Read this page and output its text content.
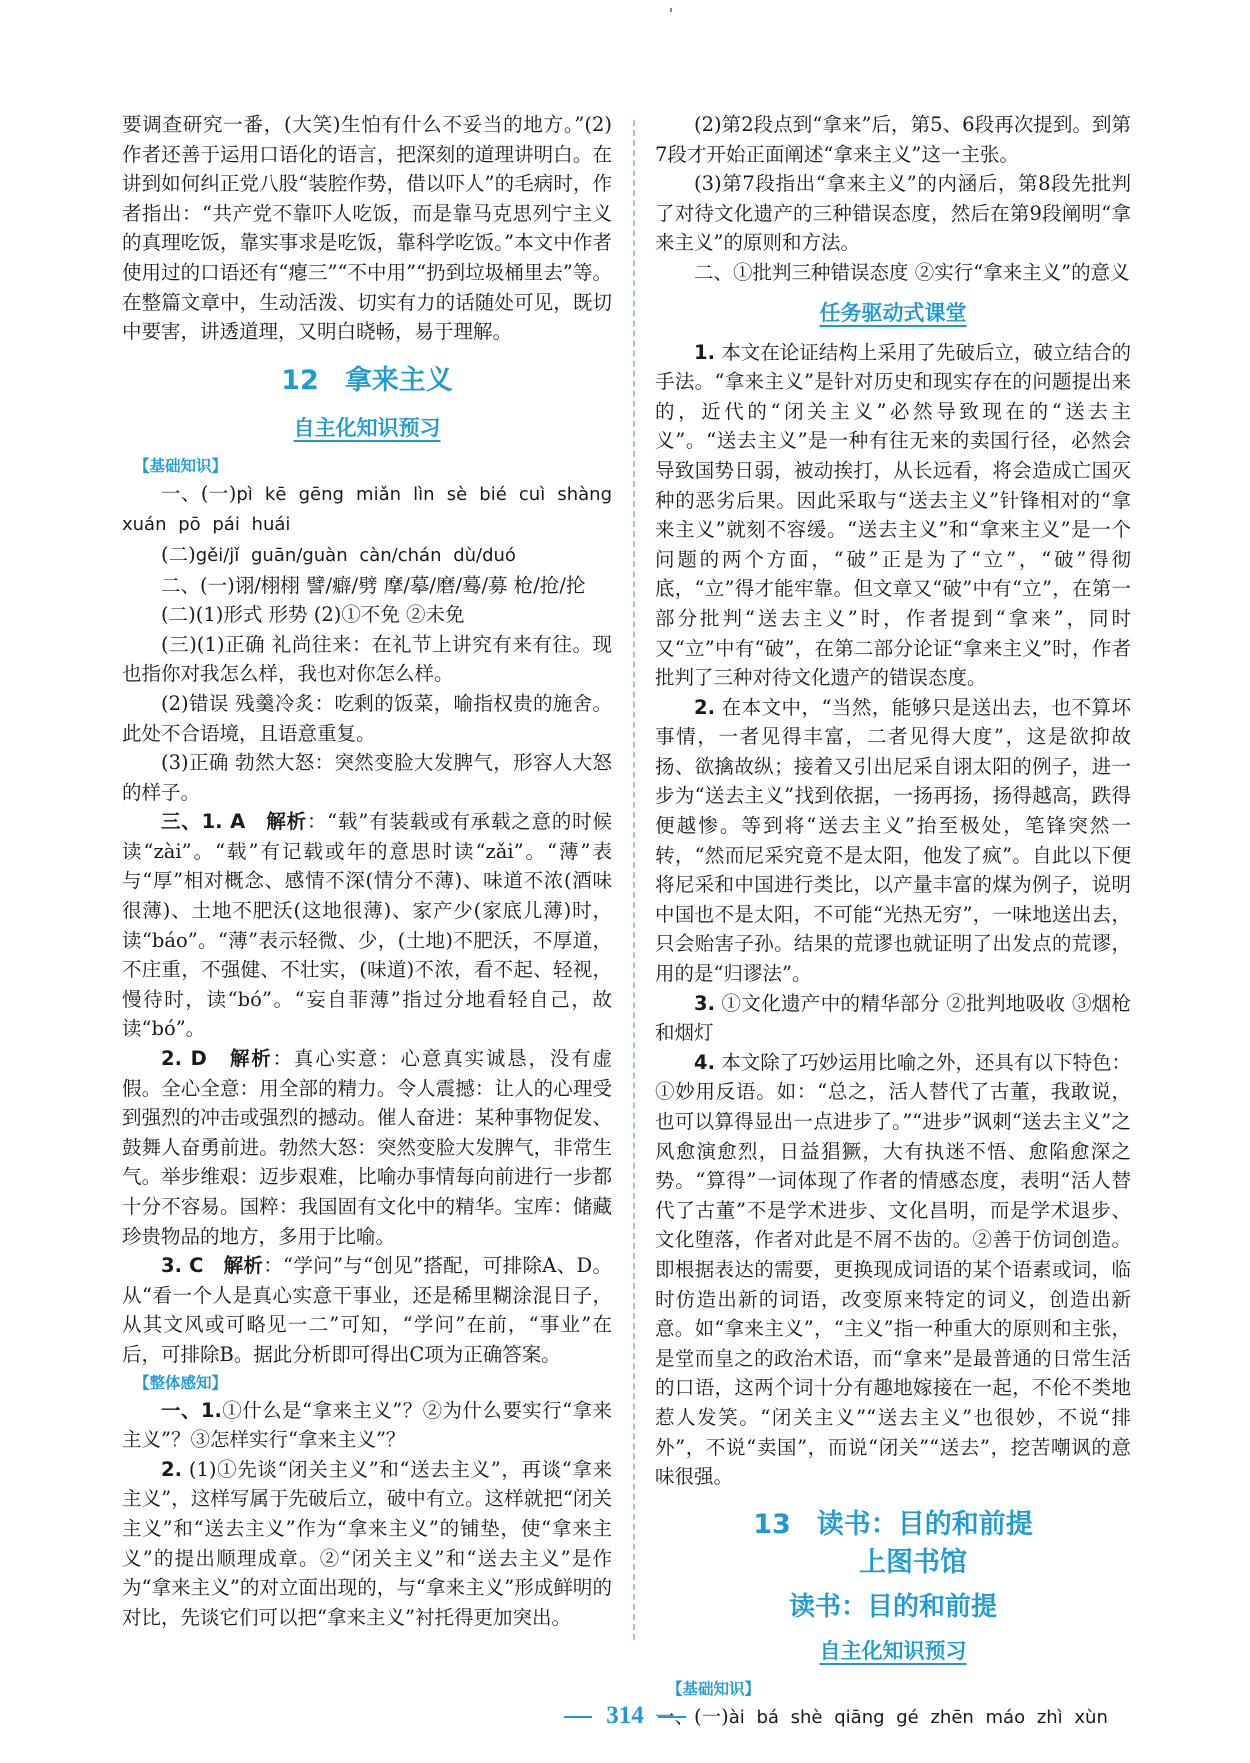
要调查研究一番，(大笑)生怕有什么不妥当的地方。”(2)作者还善于运用口语化的语言，把深刻的道理讲明白。在讲到如何纠正党八股“装腔作势，借以吓人”的毛病时，作者指出：“共产党不靠吓人吃饭，而是靠马克思列宁主义的真理吃饭，靠实事求是吃饭，靠科学吃饭。”本文中作者使用过的口语还有“瘪三”“不中用”“扔到垃圾桶里去”等。在整篇文章中，生动活泼、切实有力的话随处可见，既切中要害，讲透道理，又明白晓畅，易于理解。

12 拿来主义
自主化知识预习
【基础知识】

一、(一)pì kē gēng miǎn lìn sè bié cuì shàng xuán pō pái huái

(二)gěi/jǐ guān/guàn càn/chán dù/duó

二、(一)诩/栩栩 譬/癖/劈 摩/摹/磨/蓦/募 枪/抢/抡

(二)(1)形式 形势 (2)①不免 ②未免

(三)(1)正确 礼尚往来：在礼节上讲究有来有往。现也指你对我怎么样，我也对你怎么样。

(2)错误 残羹冷炙：吃剩的饭菜，喻指权贵的施舍。此处不合语境，且语意重复。

(3)正确 勃然大怒：突然变脸大发脾气，形容人大怒的样子。

三、1. A　 解析：“载”有装载或有承载之意的时候读“zài”。“载”有记载或年的意思时读“zǎi”。“薄”表与“厚”相对概念、感情不深(情分不薄)、味道不浓(酒味很薄)、土地不肥沃(这地很薄)、家产少(家底儿薄)时，读“báo”。“薄”表示轻微、少，(土地)不肥沃，不厚道，不庄重，不强健、不壮实，(味道)不浓，看不起、轻视，慢待时，读“bó”。“妄自菲薄”指过分地看轻自己，故读“bó”。

2. D　 解析：真心实意：心意真实诚恳，没有虚假。全心全意：用全部的精力。令人震撼：让人的心理受到强烈的冲击或强烈的撼动。催人奋进：某种事物促发、鼓舞人奋勇前进。勃然大怒：突然变脸大发脾气，非常生气。举步维艰：迈步艰难，比喻办事情每向前进行一步都十分不容易。国粹：我国固有文化中的精华。宝库：储藏珍贵物品的地方，多用于比喻。

3. C　 解析：“学问”与“创见”搭配，可排除A、D。从“看一个人是真心实意干事业，还是稀里糊涂混日子，从其文风或可略见一二”可知，“学问”在前，“事业”在后，可排除B。据此分析即可得出C项为正确答案。

【整体感知】

一、1.①什么是“拿来主义”？②为什么要实行“拿来主义”？③怎样实行“拿来主义”？

2. (1)①先谈“闭关主义”和“送去主义”，再谈“拿来主义”，这样写属于先破后立，破中有立。这样就把“闭关主义”和“送去主义”作为“拿来主义”的铺垫，使“拿来主义”的提出顺理成章。②“闭关主义”和“送去主义”是作为“拿来主义”的对立面出现的，与“拿来主义”形成鲜明的对比，先谈它们可以把“拿来主义”衬托得更加突出。

(2)第2段点到“拿来”后，第5、6段再次提到。到第7段才开始正面阐述“拿来主义”这一主张。

(3)第7段指出“拿来主义”的内涵后，第8段先批判了对待文化遗产的三种错误态度，然后在第9段阐明“拿来主义”的原则和方法。

二、①批判三种错误态度 ②实行“拿来主义”的意义

任务驱动式课堂

1. 本文在论证结构上采用了先破后立，破立结合的手法。“拿来主义”是针对历史和现实存在的问题提出来的，近代的“闭关主义”必然导致现在的“送去主义”。“送去主义”是一种有往无来的卖国行径，必然会导致国势日弱，被动挨打，从长远看，将会造成亡国灭种的恶劣后果。因此采取与“送去主义”针锋相对的“拿来主义”就刻不容缓。“送去主义”和“拿来主义”是一个问题的两个方面，“破”正是为了“立”，“破”得彻底，“立”得才能牢靠。但文章又“破”中有“立”，在第一部分批判“送去主义”时，作者提到“拿来”，同时又“立”中有“破”，在第二部分论证“拿来主义”时，作者批判了三种对待文化遗产的错误态度。

2. 在本文中，“当然，能够只是送出去，也不算坏事情，一者见得丰富，二者见得大度”，这是欲抑故扬、欲擒故纵；接着又引出尼采自诩太阳的例子，进一步为“送去主义”找到依据，一扬再扬，扬得越高，跌得便越惨。等到将“送去主义”抬至极处，笔锋突然一转，“然而尼采究竟不是太阳，他发了疯”。自此以下便将尼采和中国进行类比，以产量丰富的煤为例子，说明中国也不是太阳，不可能“光热无穷”，一味地送出去，只会贻害子孙。结果的荒谬也就证明了出发点的荒谬，用的是“归谬法”。

3. ①文化遗产中的精华部分 ②批判地吸收 ③烟枪和烟灯

4. 本文除了巧妙运用比喻之外，还具有以下特色：①妙用反语。如：“总之，活人替代了古董，我敢说，也可以算得显出一点进步了。”“进步”讽刺“送去主义”之风愈演愈烈，日益猖獗，大有执迷不悟、愈陷愈深之势。“算得”一词体现了作者的情感态度，表明“活人替代了古董”不是学术进步、文化昌明，而是学术退步、文化堕落，作者对此是不屑不齿的。②善于仿词创造。即根据表达的需要，更换现成词语的某个语素或词，临时仿造出新的词语，改变原来特定的词义，创造出新意。如“拿来主义”，“主义”指一种重大的原则和主张，是堂而皇之的政治术语，而“拿来”是最普通的日常生活的口语，这两个词十分有趣地嫁接在一起，不伦不类地惹人发笑。“闭关主义”“送去主义”也很妙，不说“排外”，不说“卖国”，而说“闭关”“送去”，挖苦嘲讽的意味很强。

13 读书：目的和前提
上图书馆
读书：目的和前提
自主化知识预习
【基础知识】

一、(一)ài bá shè qiāng gé zhēn máo zhì xùn

314
